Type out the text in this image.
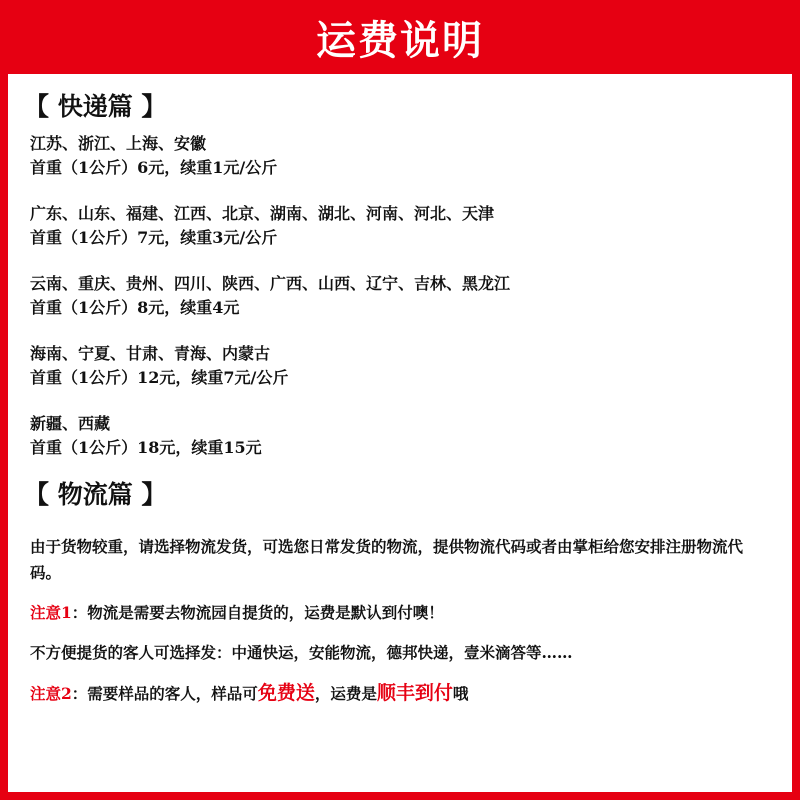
运费说明
【 快递篇 】
江苏、浙江、上海、安徽
首重（1公斤）6元，续重1元/公斤
广东、山东、福建、江西、北京、湖南、湖北、河南、河北、天津
首重（1公斤）7元，续重3元/公斤
云南、重庆、贵州、四川、陕西、广西、山西、辽宁、吉林、黑龙江
首重（1公斤）8元，续重4元
海南、宁夏、甘肃、青海、内蒙古
首重（1公斤）12元，续重7元/公斤
新疆、西藏
首重（1公斤）18元，续重15元
【 物流篇 】

由于货物较重，请选择物流发货，可选您日常发货的物流，提供物流代码或者由掌柜给您安排注册物流代码。

注意1：物流是需要去物流园自提货的，运费是默认到付噢！

不方便提货的客人可选择发：中通快运，安能物流，德邦快递，壹米滴答等……

注意2：需要样品的客人，样品可免费送，运费是顺丰到付哦
